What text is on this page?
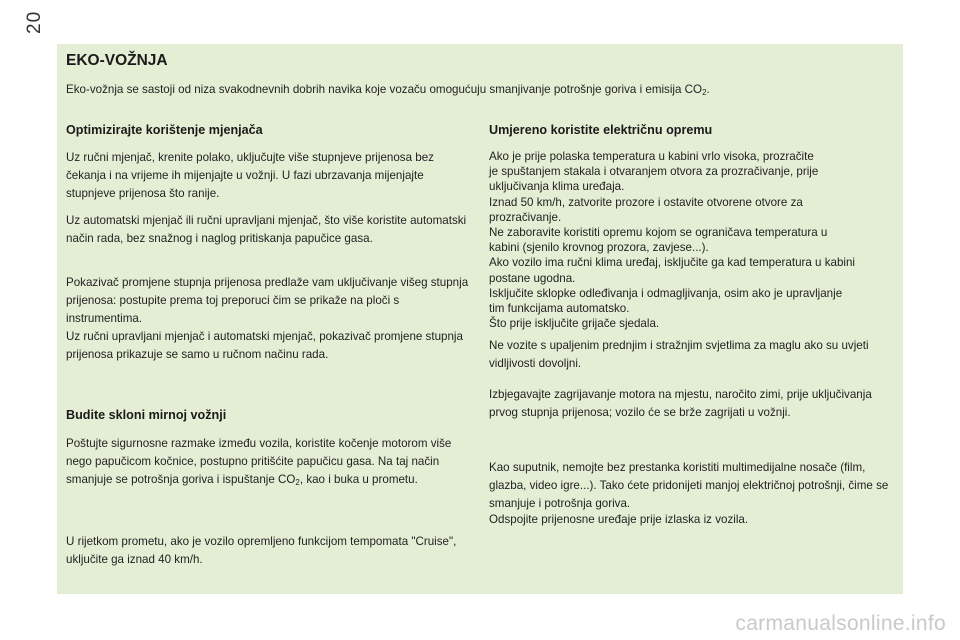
20
EKO-VOŽNJA
Eko-vožnja se sastoji od niza svakodnevnih dobrih navika koje vozaču omogućuju smanjivanje potrošnje goriva i emisija $CO_2$.
Optimizirajte korištenje mjenjača
Uz ručni mjenjač, krenite polako, uključujte više stupnjeve prijenosa bez čekanja i na vrijeme ih mijenjajte u vožnji. U fazi ubrzavanja mijenjajte stupnjeve prijenosa što ranije.
Uz automatski mjenjač ili ručni upravljani mjenjač, što više koristite automatski način rada, bez snažnog i naglog pritiskanja papučice gasa.
Pokazivač promjene stupnja prijenosa predlaže vam uključivanje višeg stupnja prijenosa: postupite prema toj preporuci čim se prikaže na ploči s instrumentima.
Uz ručni upravljani mjenjač i automatski mjenjač, pokazivač promjene stupnja prijenosa prikazuje se samo u ručnom načinu rada.
Budite skloni mirnoj vožnji
Poštujte sigurnosne razmake između vozila, koristite kočenje motorom više nego papučicom kočnice, postupno pritišćite papučicu gasa. Na taj način smanjuje se potrošnja goriva i ispuštanje $CO_2$, kao i buka u prometu.
U rijetkom prometu, ako je vozilo opremljeno funkcijom tempomata "Cruise", uključite ga iznad 40 km/h.
Umjereno koristite električnu opremu
Ako je prije polaska temperatura u kabini vrlo visoka, prozračite
je spuštanjem stakala i otvaranjem otvora za prozračivanje, prije
uključivanja klima uređaja.
Iznad 50 km/h, zatvorite prozore i ostavite otvorene otvore za
prozračivanje.
Ne zaboravite koristiti opremu kojom se ograničava temperatura u
kabini (sjenilo krovnog prozora, zavjese...).
Ako vozilo ima ručni klima uređaj, isključite ga kad temperatura u kabini
postane ugodna.
Isključite sklopke odleđivanja i odmagljivanja, osim ako je upravljanje
tim funkcijama automatsko.
Što prije isključite grijače sjedala.
Ne vozite s upaljenim prednjim i stražnjim svjetlima za maglu ako su uvjeti vidljivosti dovoljni.
Izbjegavajte zagrijavanje motora na mjestu, naročito zimi, prije uključivanja prvog stupnja prijenosa; vozilo će se brže zagrijati u vožnji.
Kao suputnik, nemojte bez prestanka koristiti multimedijalne nosače (film, glazba, video igre...). Tako ćete pridonijeti manjoj električnoj potrošnji, čime se smanjuje i potrošnja goriva.
Odspojite prijenosne uređaje prije izlaska iz vozila.
carmanualsonline.info
